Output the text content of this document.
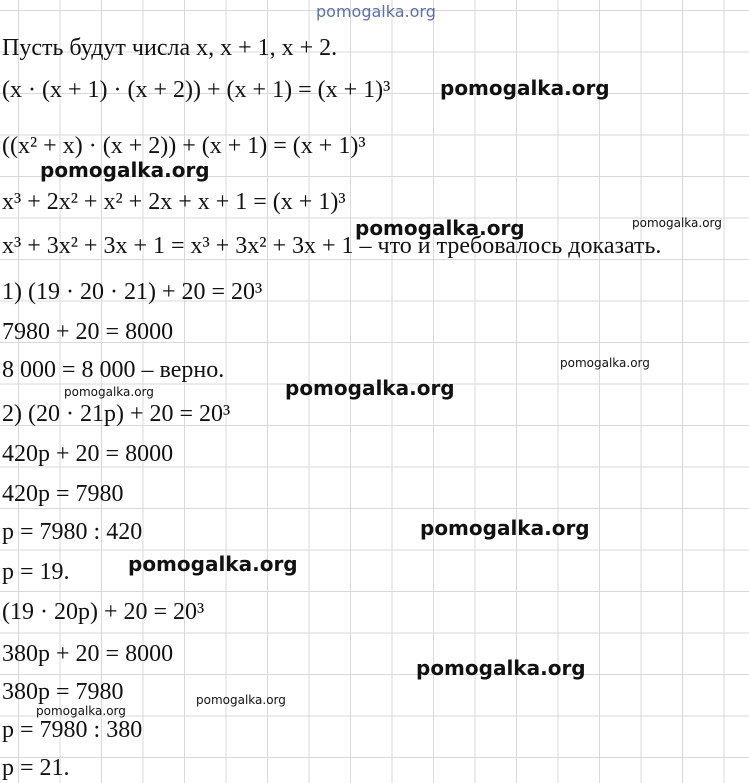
pomogalka.org
pomogalka.org
pomogalka.org
pomogalka.org	pomogalka.org
pomogalka.org
pomogalka.org
pomogalka.org
pomogalka.org
pomogalka.org
pomogalka.org
pomogalka.org
pomogalka.org
Пусть будут числа x, x + 1, x + 2.
(x · (x + 1) · (x + 2)) + (x + 1) = (x + 1)³
((x² + x) · (x + 2)) + (x + 1) = (x + 1)³
x³ + 2x² + x² + 2x + x + 1 = (x + 1)³
x³ + 3x² + 3x + 1 = x³ + 3x² + 3x + 1 – что и требовалось доказать.
1) (19 · 20 · 21) + 20 = 20³
7980 + 20 = 8000
8 000 = 8 000 – верно.
2) (20 · 21p) + 20 = 20³
420p + 20 = 8000
420p = 7980
p = 7980 : 420
p = 19.
(19 · 20p) + 20 = 20³
380p + 20 = 8000
380p = 7980
p = 7980 : 380
p = 21.
